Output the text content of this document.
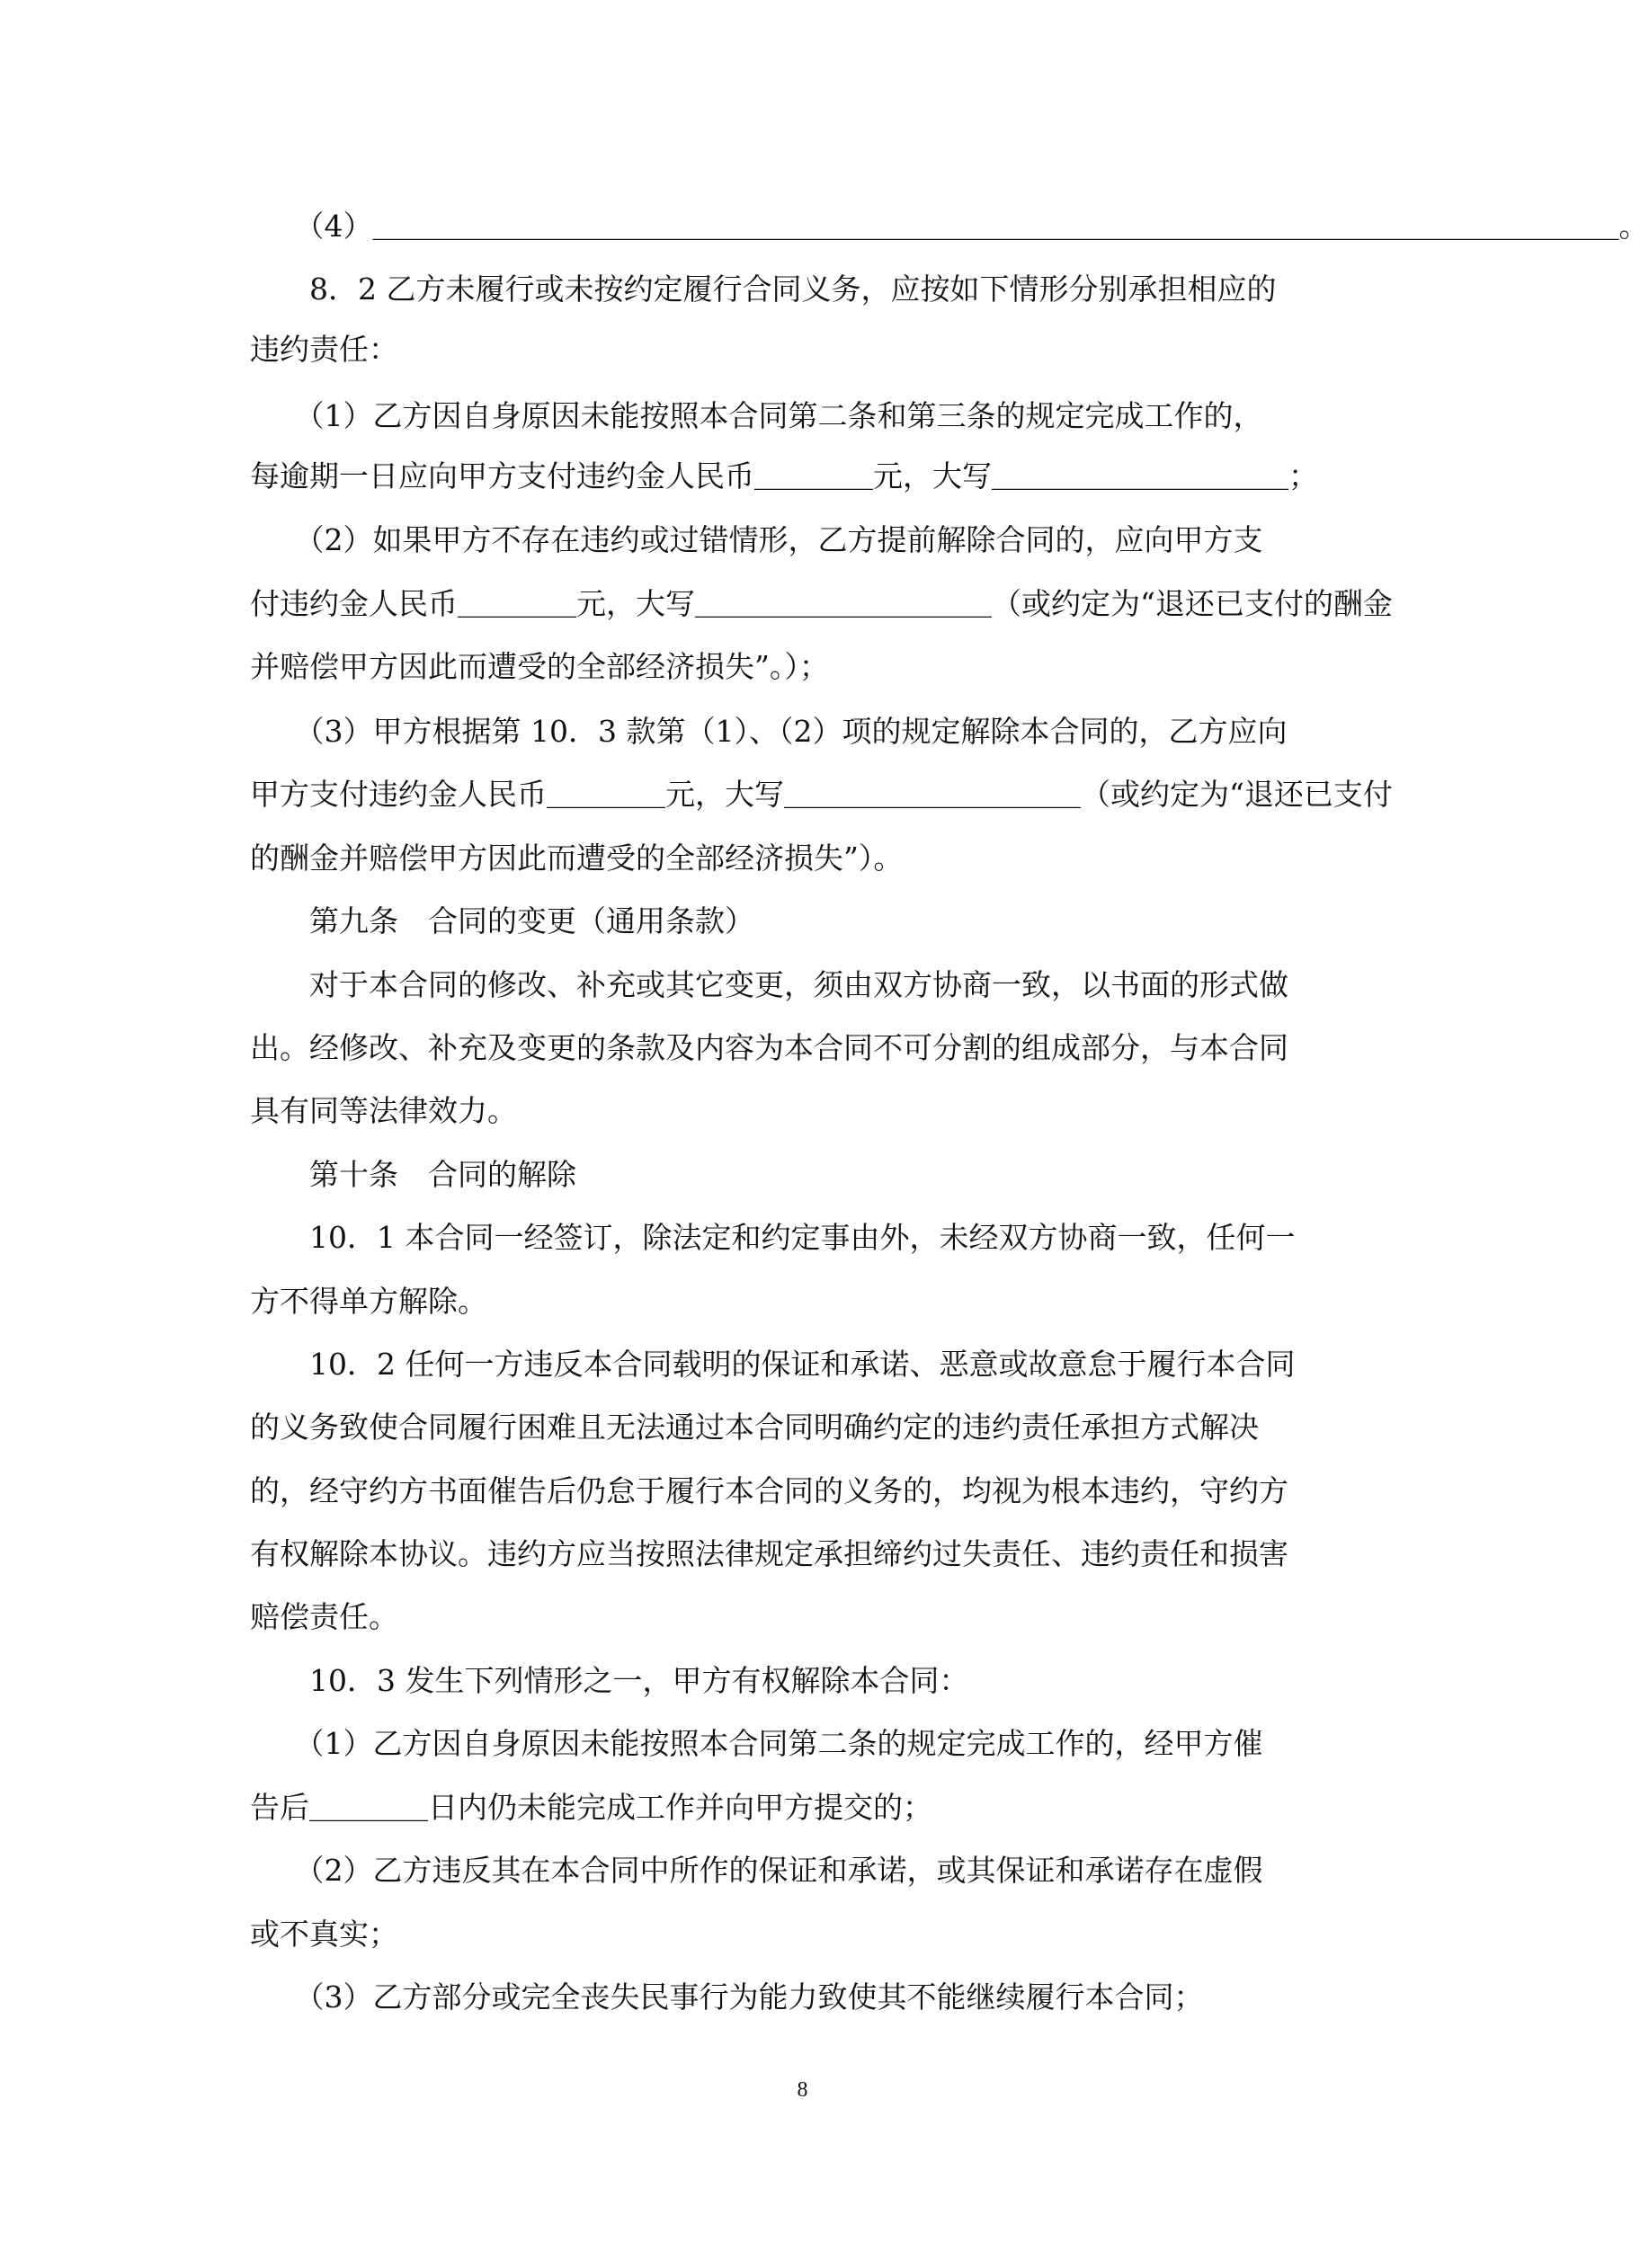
　　（4）＿＿＿＿＿＿＿＿＿＿＿＿＿＿＿＿＿＿＿＿＿＿＿＿＿＿＿＿＿＿＿＿＿＿＿＿＿＿＿＿＿＿。
　　8．2 乙方未履行或未按约定履行合同义务，应按如下情形分别承担相应的
违约责任：
　　（1）乙方因自身原因未能按照本合同第二条和第三条的规定完成工作的，
每逾期一日应向甲方支付违约金人民币＿＿＿＿元，大写＿＿＿＿＿＿＿＿＿＿；
　　（2）如果甲方不存在违约或过错情形，乙方提前解除合同的，应向甲方支
付违约金人民币＿＿＿＿元，大写＿＿＿＿＿＿＿＿＿＿（或约定为“退还已支付的酬金
并赔偿甲方因此而遭受的全部经济损失”。）；
　　（3）甲方根据第 10．3 款第（1）、（2）项的规定解除本合同的，乙方应向
甲方支付违约金人民币＿＿＿＿元，大写＿＿＿＿＿＿＿＿＿＿（或约定为“退还已支付
的酬金并赔偿甲方因此而遭受的全部经济损失”）。
　　第九条　合同的变更（通用条款）
　　对于本合同的修改、补充或其它变更，须由双方协商一致，以书面的形式做
出。经修改、补充及变更的条款及内容为本合同不可分割的组成部分，与本合同
具有同等法律效力。
　　第十条　合同的解除
　　10．1 本合同一经签订，除法定和约定事由外，未经双方协商一致，任何一
方不得单方解除。
　　10．2 任何一方违反本合同载明的保证和承诺、恶意或故意怠于履行本合同
的义务致使合同履行困难且无法通过本合同明确约定的违约责任承担方式解决
的，经守约方书面催告后仍怠于履行本合同的义务的，均视为根本违约，守约方
有权解除本协议。违约方应当按照法律规定承担缔约过失责任、违约责任和损害
赔偿责任。
　　10．3 发生下列情形之一，甲方有权解除本合同：
　　（1）乙方因自身原因未能按照本合同第二条的规定完成工作的，经甲方催
告后＿＿＿＿日内仍未能完成工作并向甲方提交的；
　　（2）乙方违反其在本合同中所作的保证和承诺，或其保证和承诺存在虚假
或不真实；
　　（3）乙方部分或完全丧失民事行为能力致使其不能继续履行本合同；
8
